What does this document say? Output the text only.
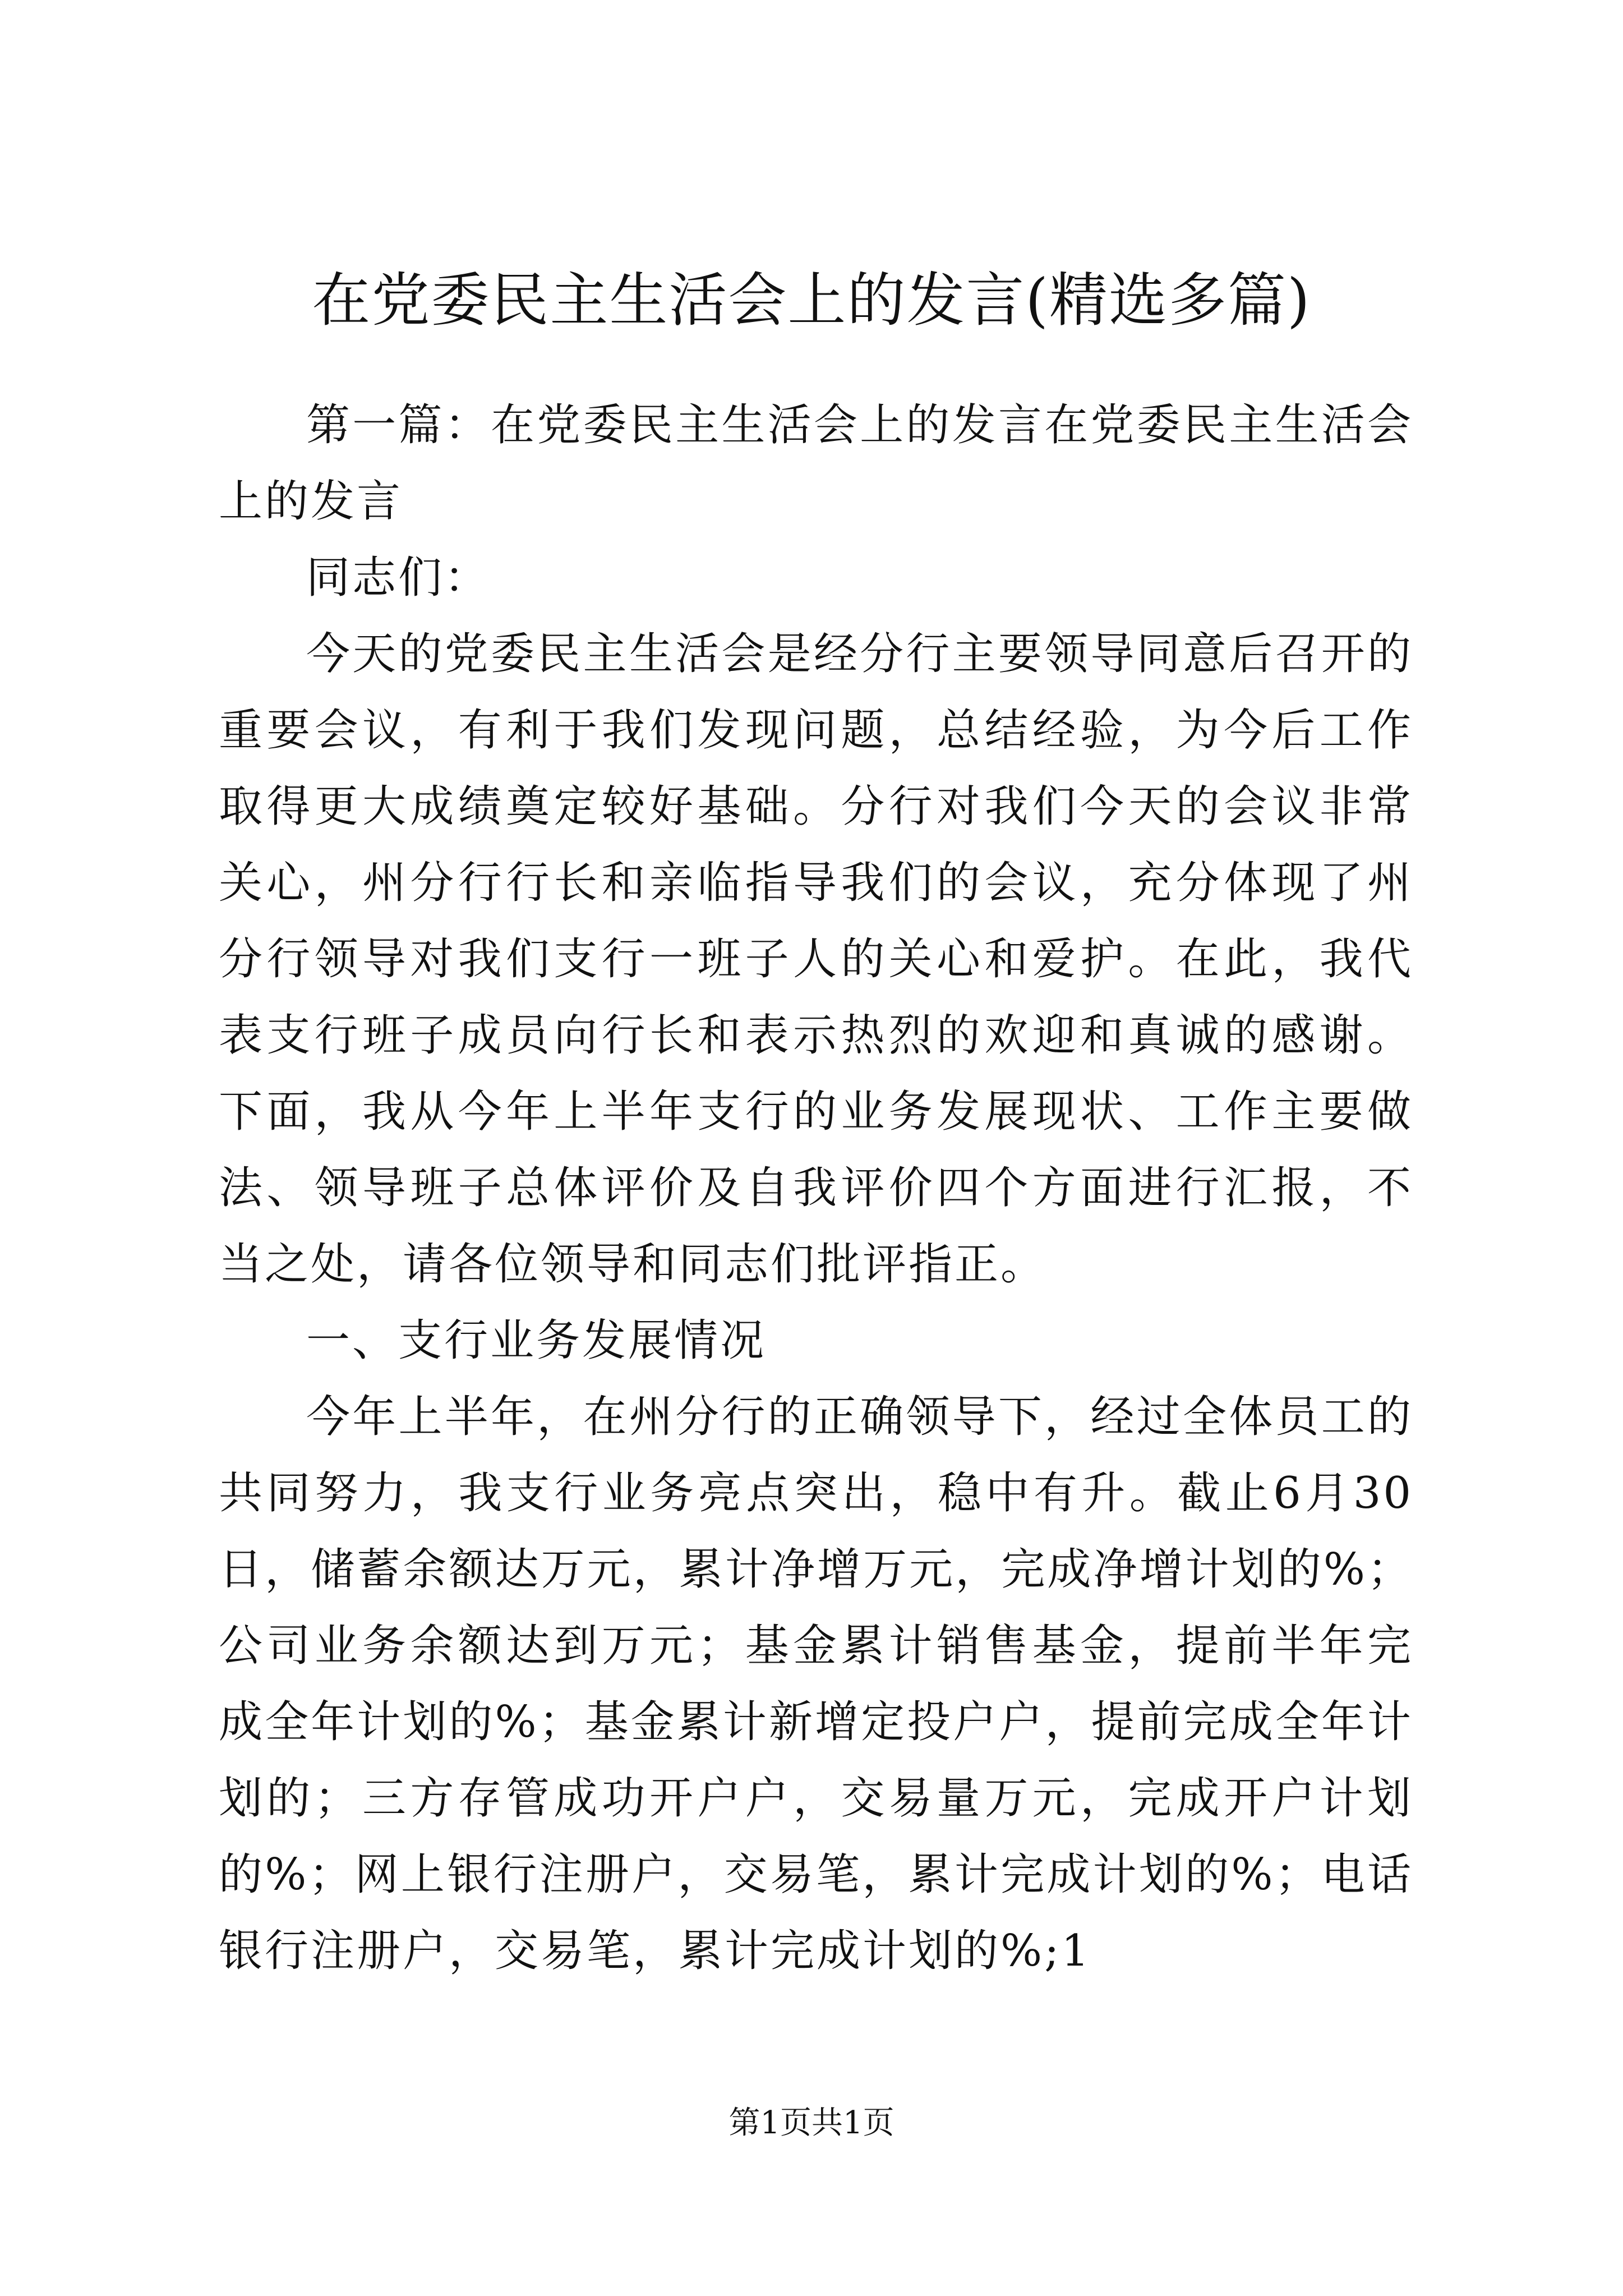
在党委民主生活会上的发言(精选多篇)

第一篇：在党委民主生活会上的发言在党委民主生活会上的发言

同志们：

今天的党委民主生活会是经分行主要领导同意后召开的重要会议，有利于我们发现问题，总结经验，为今后工作取得更大成绩奠定较好基础。分行对我们今天的会议非常关心，州分行行长和亲临指导我们的会议，充分体现了州分行领导对我们支行一班子人的关心和爱护。在此，我代表支行班子成员向行长和表示热烈的欢迎和真诚的感谢。下面，我从今年上半年支行的业务发展现状、工作主要做法、领导班子总体评价及自我评价四个方面进行汇报，不当之处，请各位领导和同志们批评指正。

一、支行业务发展情况

今年上半年，在州分行的正确领导下，经过全体员工的共同努力，我支行业务亮点突出，稳中有升。截止6月30日，储蓄余额达万元，累计净增万元，完成净增计划的%；公司业务余额达到万元；基金累计销售基金，提前半年完成全年计划的%；基金累计新增定投户户，提前完成全年计划的；三方存管成功开户户，交易量万元，完成开户计划的%；网上银行注册户，交易笔，累计完成计划的%；电话银行注册户，交易笔，累计完成计划的%;1

第1页共1页
